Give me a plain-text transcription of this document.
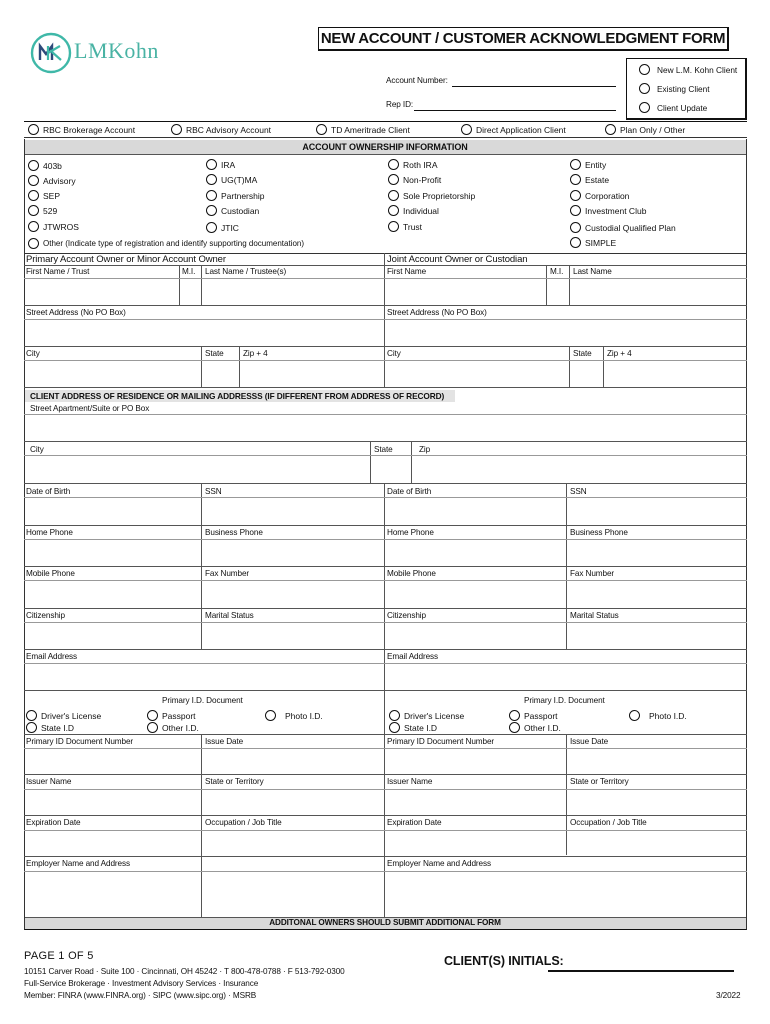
LMKohn	NEW ACCOUNT / CUSTOMER ACKNOWLEDGMENT FORM
Account Number:
Rep ID:
New L.M. Kohn Client
Existing Client
Client Update
RBC Brokerage Account	RBC Advisory Account	TD Ameritrade Client	Direct Application Client	Plan Only / Other
ACCOUNT OWNERSHIP INFORMATION
403b
Advisory
SEP
529
JTWROS
IRA
UG(T)MA
Partnership
Custodian
JTIC
Roth IRA
Non-Profit
Sole Proprietorship
Individual
Trust
Entity
Estate
Corporation
Investment Club
Custodial Qualified Plan
SIMPLE
Other (Indicate type of registration and identify supporting documentation)
Primary Account Owner or Minor Account Owner	Joint Account Owner or Custodian
First Name / Trust	M.I. Last Name / Trustee(s)	First Name	M.I. Last Name
Street Address (No PO Box)	Street Address (No PO Box)
City	State Zip + 4	City	State Zip + 4
CLIENT ADDRESS OF RESIDENCE OR MAILING ADDRESSS (IF DIFFERENT FROM ADDRESS OF RECORD)
Street Apartment/Suite or PO Box
City	State	Zip
Date of Birth	SSN	Date of Birth	SSN
Home Phone	Business Phone	Home Phone	Business Phone
Mobile Phone	Fax Number	Mobile Phone	Fax Number
Citizenship	Marital Status	Citizenship	Marital Status
Email Address	Email Address
Primary I.D. Document	Primary I.D. Document
Driver's License
State I.D
Passport
Other I.D.
Photo I.D.	Driver's License
State I.D
Passport
Other I.D.
Photo I.D.
Primary ID Document Number	Issue Date	Primary ID Document Number	Issue Date
Issuer Name	State or Territory	Issuer Name	State or Territory
Expiration Date	Occupation / Job Title	Expiration Date	Occupation / Job Title
Employer Name and Address	Employer Name and Address
ADDITONAL OWNERS SHOULD SUBMIT ADDITIONAL FORM
PAGE 1 OF 5	CLIENT(S) INITIALS:
10151 Carver Road · Suite 100 · Cincinnati, OH 45242 · T 800-478-0788 · F 513-792-0300
Full-Service Brokerage · Investment Advisory Services · Insurance
Member: FINRA (www.FINRA.org) · SIPC (www.sipc.org) · MSRB	3/2022
